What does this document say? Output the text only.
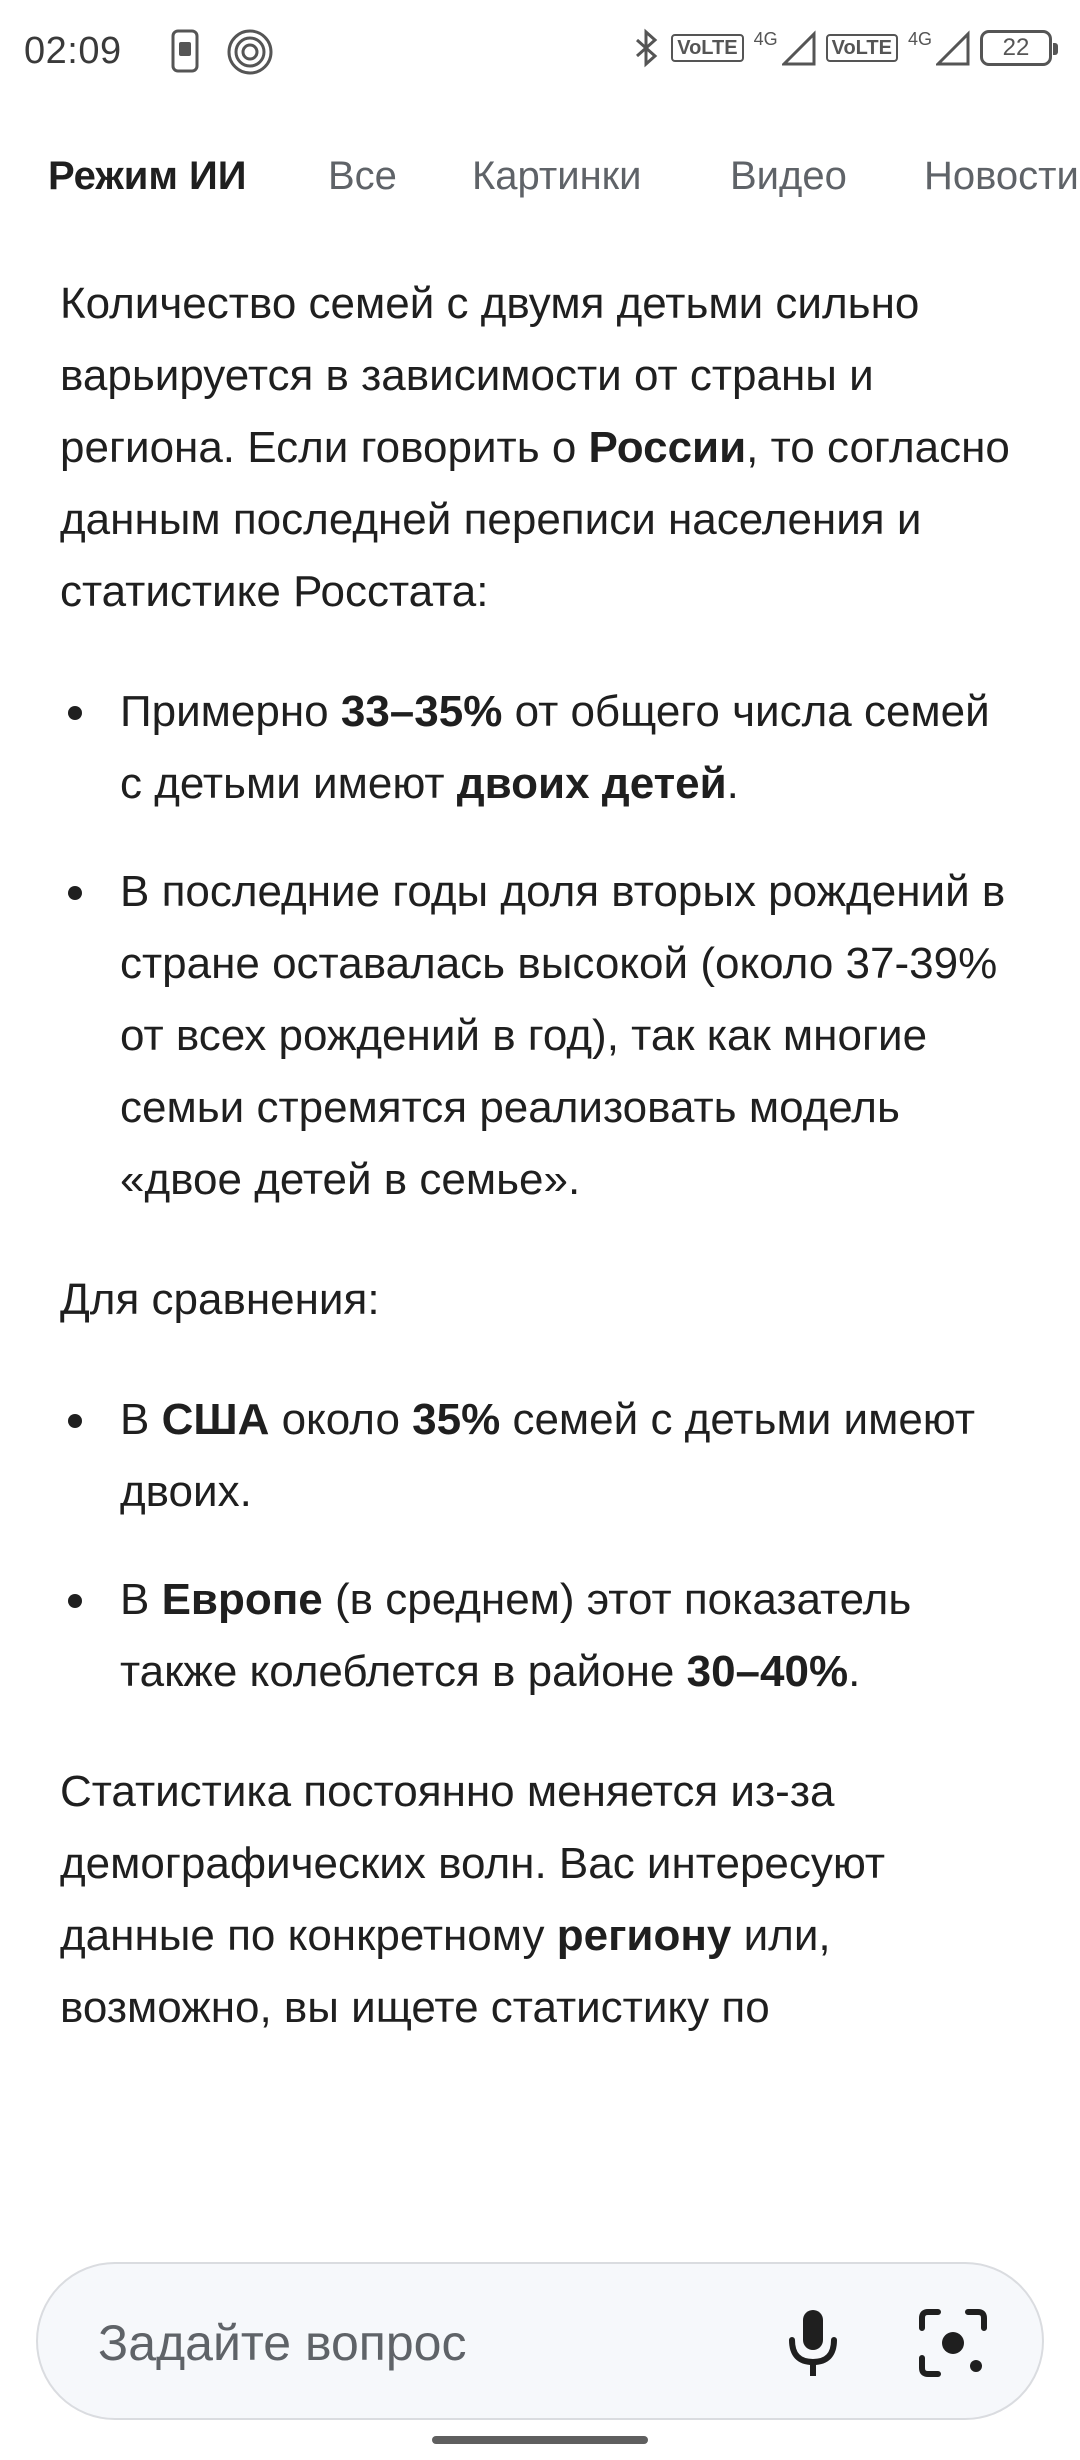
02:09	VoLTE 4G	VoLTE 4G	22
Режим ИИ Все Картинки Видео Новости

Количество семей с двумя детьми сильно варьируется в зависимости от страны и региона. Если говорить о России, то согласно данным последней переписи населения и статистике Росстата:

Примерно 33–35% от общего числа семей с детьми имеют двоих детей.
В последние годы доля вторых рождений в стране оставалась высокой (около 37-39% от всех рождений в год), так как многие семьи стремятся реализовать модель «двое детей в семье».

Для сравнения:

В США около 35% семей с детьми имеют двоих.
В Европе (в среднем) этот показатель также колеблется в районе 30–40%.

Статистика постоянно меняется из-за демографических волн. Вас интересуют данные по конкретному региону или, возможно, вы ищете статистику по

Задайте вопрос
